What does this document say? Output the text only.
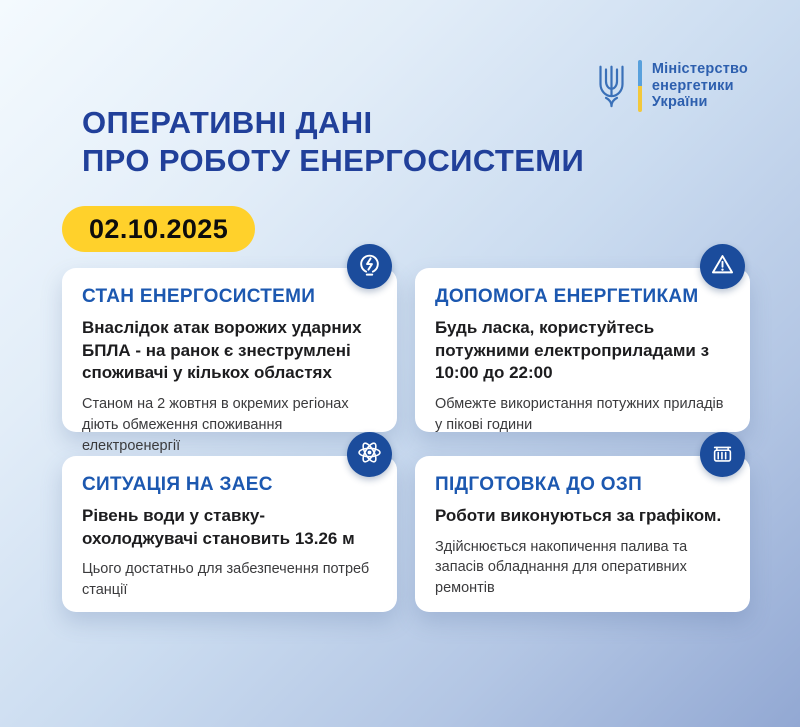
Міністерство
енергетики
України
ОПЕРАТИВНІ ДАНІ
ПРО РОБОТУ ЕНЕРГОСИСТЕМИ
02.10.2025
СТАН ЕНЕРГОСИСТЕМИ

Внаслідок атак ворожих ударних БПЛА - на ранок є знеструмлені споживачі у кількох областях

Станом на 2 жовтня в окремих регіонах діють обмеження споживання електроенергії

ДОПОМОГА ЕНЕРГЕТИКАМ

Будь ласка, користуйтесь потужними електроприладами з 10:00 до 22:00

Обмежте використання потужних приладів у пікові години

СИТУАЦІЯ НА ЗАЕС

Рівень води у ставку-охолоджувачі становить 13.26 м

Цього достатньо для забезпечення потреб станції

ПІДГОТОВКА ДО ОЗП

Роботи виконуються за графіком.

Здійснюється накопичення палива та запасів обладнання для оперативних ремонтів
